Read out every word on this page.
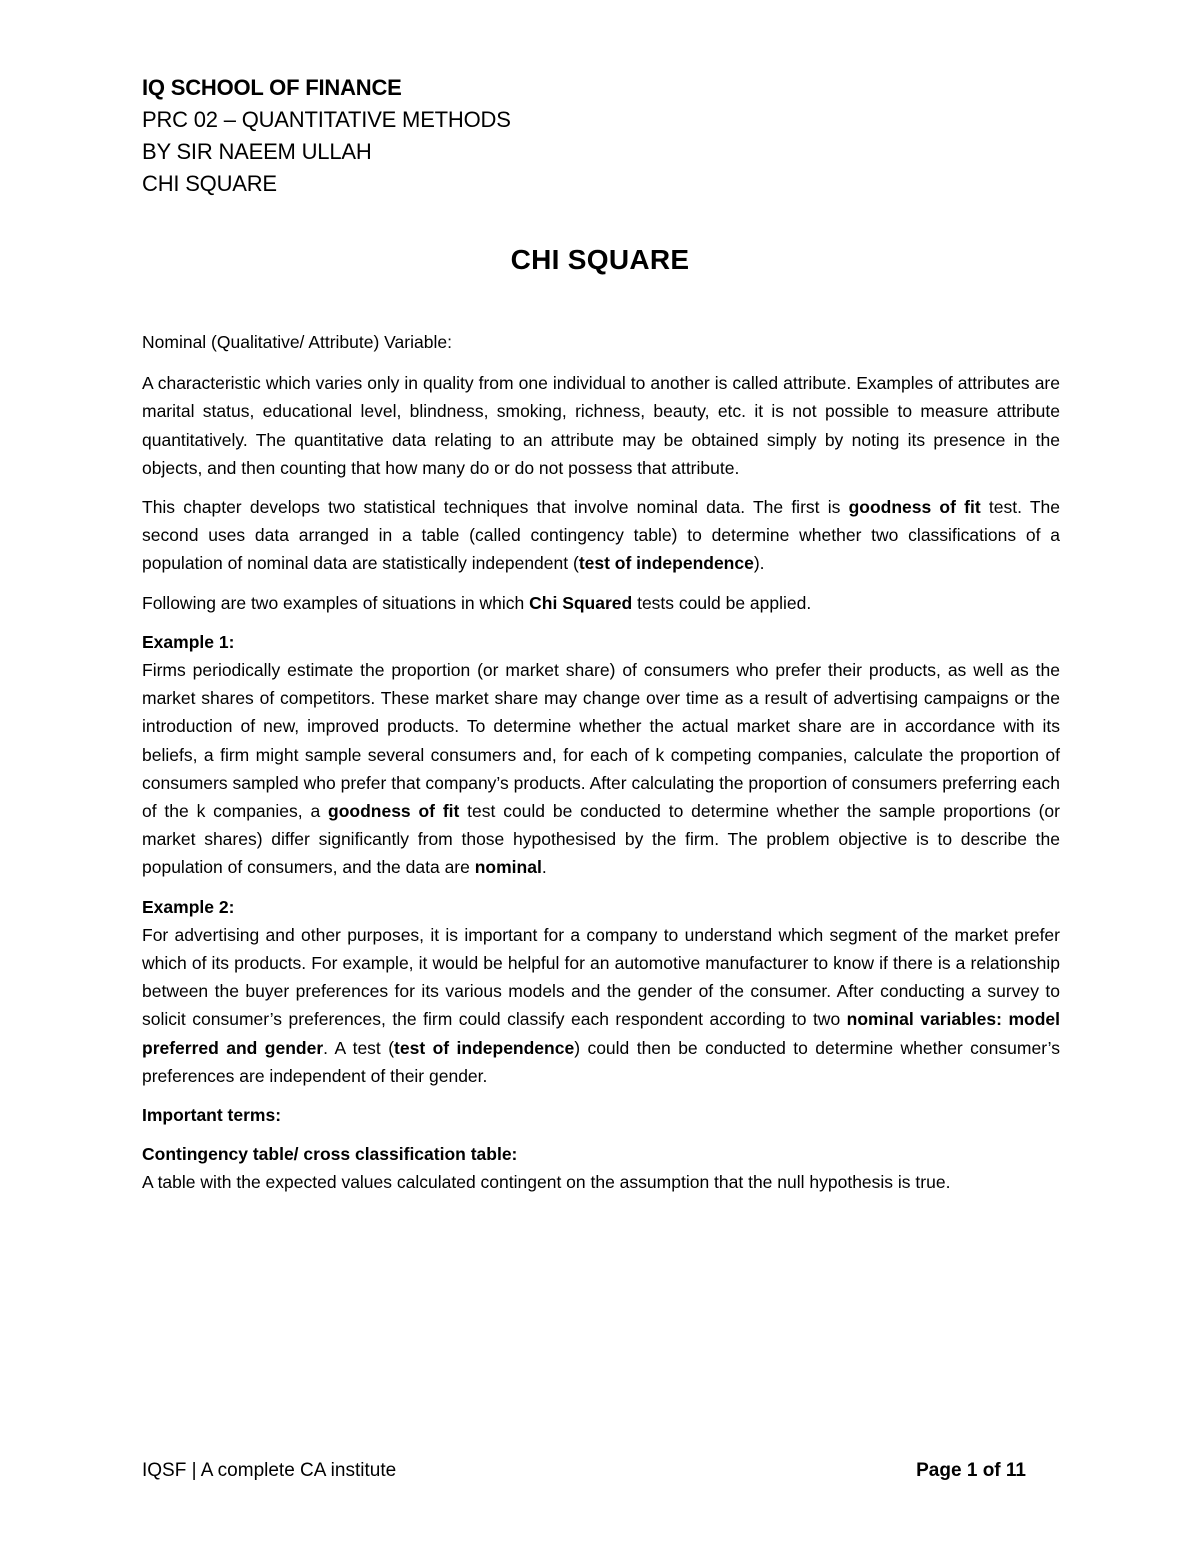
IQ SCHOOL OF FINANCE
PRC 02 – QUANTITATIVE METHODS
BY SIR NAEEM ULLAH
CHI SQUARE
CHI SQUARE

Nominal (Qualitative/ Attribute) Variable:

A characteristic which varies only in quality from one individual to another is called attribute. Examples of attributes are marital status, educational level, blindness, smoking, richness, beauty, etc. it is not possible to measure attribute quantitatively. The quantitative data relating to an attribute may be obtained simply by noting its presence in the objects, and then counting that how many do or do not possess that attribute.

This chapter develops two statistical techniques that involve nominal data. The first is goodness of fit test. The second uses data arranged in a table (called contingency table) to determine whether two classifications of a population of nominal data are statistically independent (test of independence).

Following are two examples of situations in which Chi Squared tests could be applied.

Example 1:

Firms periodically estimate the proportion (or market share) of consumers who prefer their products, as well as the market shares of competitors. These market share may change over time as a result of advertising campaigns or the introduction of new, improved products. To determine whether the actual market share are in accordance with its beliefs, a firm might sample several consumers and, for each of k competing companies, calculate the proportion of consumers sampled who prefer that company’s products. After calculating the proportion of consumers preferring each of the k companies, a goodness of fit test could be conducted to determine whether the sample proportions (or market shares) differ significantly from those hypothesised by the firm. The problem objective is to describe the population of consumers, and the data are nominal.

Example 2:

For advertising and other purposes, it is important for a company to understand which segment of the market prefer which of its products. For example, it would be helpful for an automotive manufacturer to know if there is a relationship between the buyer preferences for its various models and the gender of the consumer. After conducting a survey to solicit consumer’s preferences, the firm could classify each respondent according to two nominal variables: model preferred and gender. A test (test of independence) could then be conducted to determine whether consumer’s preferences are independent of their gender.

Important terms:

Contingency table/ cross classification table:

A table with the expected values calculated contingent on the assumption that the null hypothesis is true.

IQSF | A complete CA institute	Page 1 of 11
